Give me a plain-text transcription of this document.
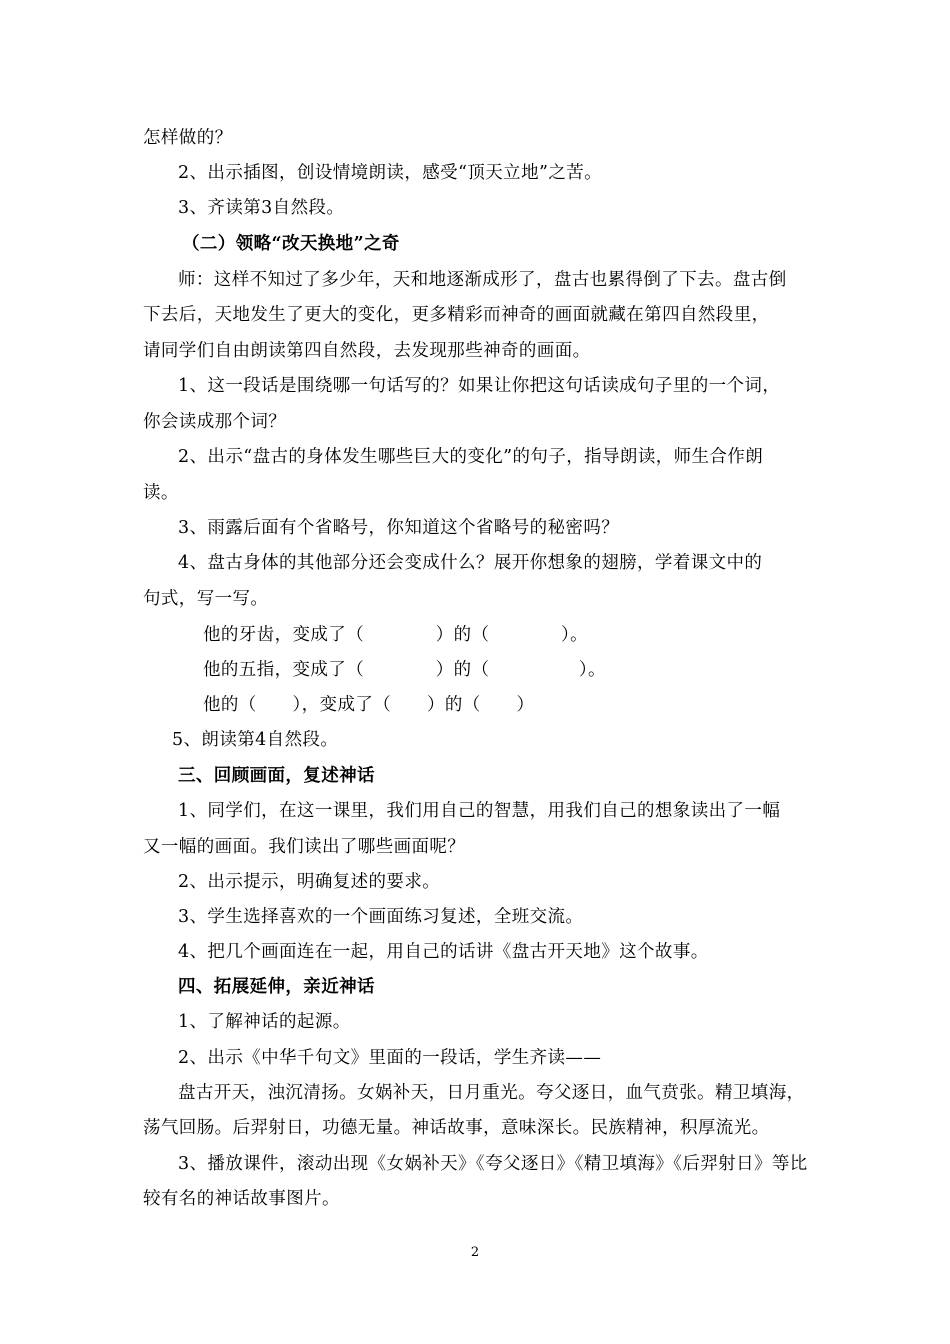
怎样做的？
2、出示插图，创设情境朗读，感受“顶天立地”之苦。
3、齐读第3自然段。
（二）领略“改天换地”之奇
师：这样不知过了多少年，天和地逐渐成形了，盘古也累得倒了下去。盘古倒
下去后，天地发生了更大的变化，更多精彩而神奇的画面就藏在第四自然段里，
请同学们自由朗读第四自然段，去发现那些神奇的画面。
1、这一段话是围绕哪一句话写的？如果让你把这句话读成句子里的一个词，
你会读成那个词？
2、出示“盘古的身体发生哪些巨大的变化”的句子，指导朗读，师生合作朗
读。
3、雨露后面有个省略号，你知道这个省略号的秘密吗？
4、盘古身体的其他部分还会变成什么？展开你想象的翅膀，学着课文中的
句式，写一写。
他的牙齿，变成了（　　　　）的（　　　　）。
他的五指，变成了（　　　　）的（　　　　　）。
他的（　　），变成了（　　）的（　　）
5、朗读第4自然段。
三、回顾画面，复述神话
1、同学们，在这一课里，我们用自己的智慧，用我们自己的想象读出了一幅
又一幅的画面。我们读出了哪些画面呢？
2、出示提示，明确复述的要求。
3、学生选择喜欢的一个画面练习复述，全班交流。
4、把几个画面连在一起，用自己的话讲《盘古开天地》这个故事。
四、拓展延伸，亲近神话
1、了解神话的起源。
2、出示《中华千句文》里面的一段话，学生齐读——
盘古开天，浊沉清扬。女娲补天，日月重光。夸父逐日，血气贲张。精卫填海，
荡气回肠。后羿射日，功德无量。神话故事，意味深长。民族精神，积厚流光。
3、播放课件，滚动出现《女娲补天》《夸父逐日》《精卫填海》《后羿射日》等比
较有名的神话故事图片。
2
